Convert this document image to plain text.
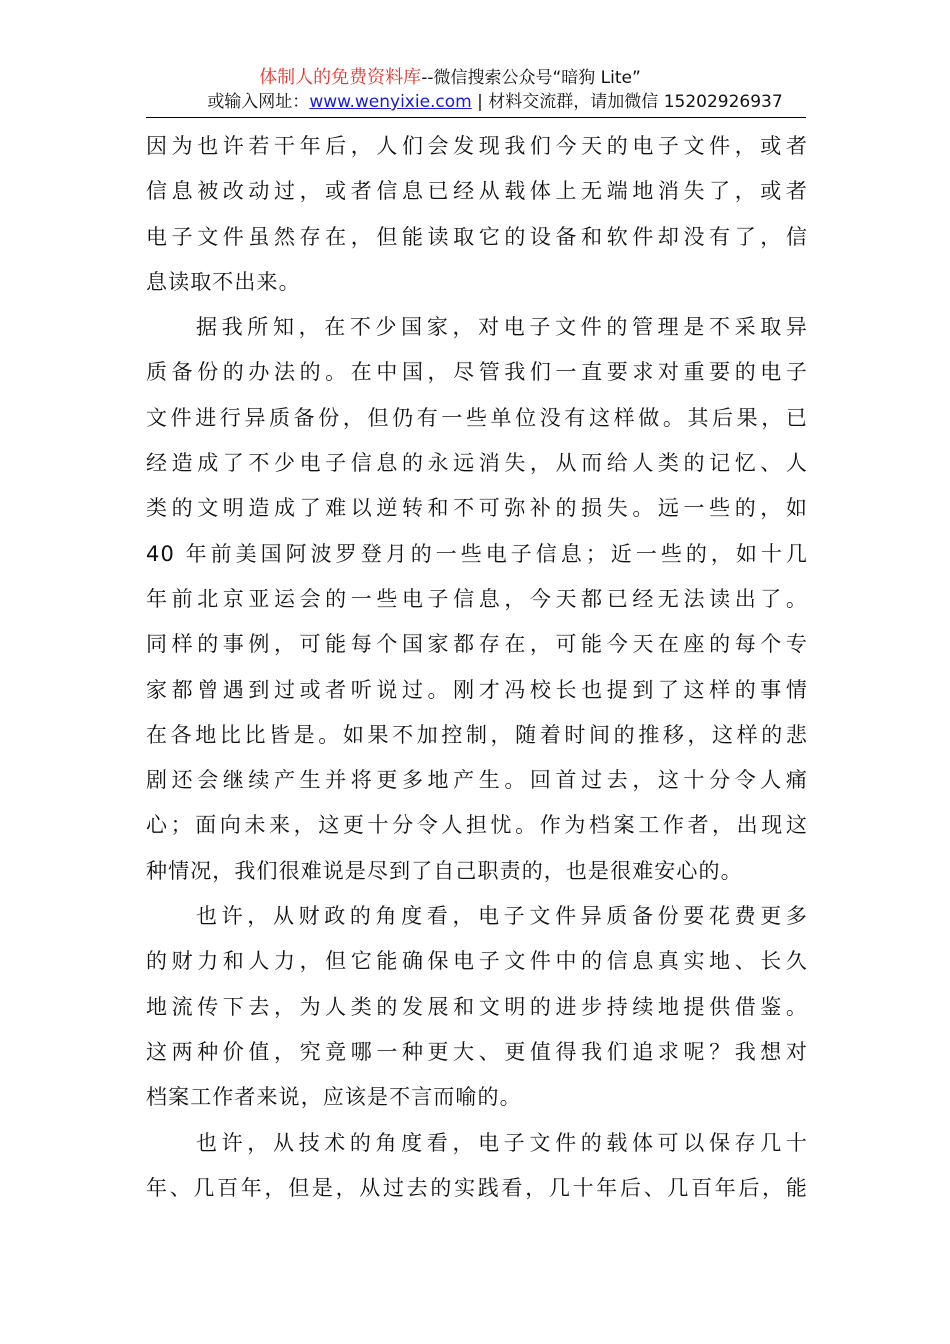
体制人的免费资料库--微信搜索公众号“暗狗 Lite”
或输入网址：www.wenyixie.com | 材料交流群，请加微信 15202926937
因为也许若干年后，人们会发现我们今天的电子文件，或者
信息被改动过，或者信息已经从载体上无端地消失了，或者
电子文件虽然存在，但能读取它的设备和软件却没有了，信
息读取不出来。
据我所知，在不少国家，对电子文件的管理是不采取异
质备份的办法的。在中国，尽管我们一直要求对重要的电子
文件进行异质备份，但仍有一些单位没有这样做。其后果，已
经造成了不少电子信息的永远消失，从而给人类的记忆、人
类的文明造成了难以逆转和不可弥补的损失。远一些的，如
40 年前美国阿波罗登月的一些电子信息；近一些的，如十几
年前北京亚运会的一些电子信息，今天都已经无法读出了。
同样的事例，可能每个国家都存在，可能今天在座的每个专
家都曾遇到过或者听说过。刚才冯校长也提到了这样的事情
在各地比比皆是。如果不加控制，随着时间的推移，这样的悲
剧还会继续产生并将更多地产生。回首过去，这十分令人痛
心；面向未来，这更十分令人担忧。作为档案工作者，出现这
种情况，我们很难说是尽到了自己职责的，也是很难安心的。
也许，从财政的角度看，电子文件异质备份要花费更多
的财力和人力，但它能确保电子文件中的信息真实地、长久
地流传下去，为人类的发展和文明的进步持续地提供借鉴。
这两种价值，究竟哪一种更大、更值得我们追求呢？我想对
档案工作者来说，应该是不言而喻的。
也许，从技术的角度看，电子文件的载体可以保存几十
年、几百年，但是，从过去的实践看，几十年后、几百年后，能
